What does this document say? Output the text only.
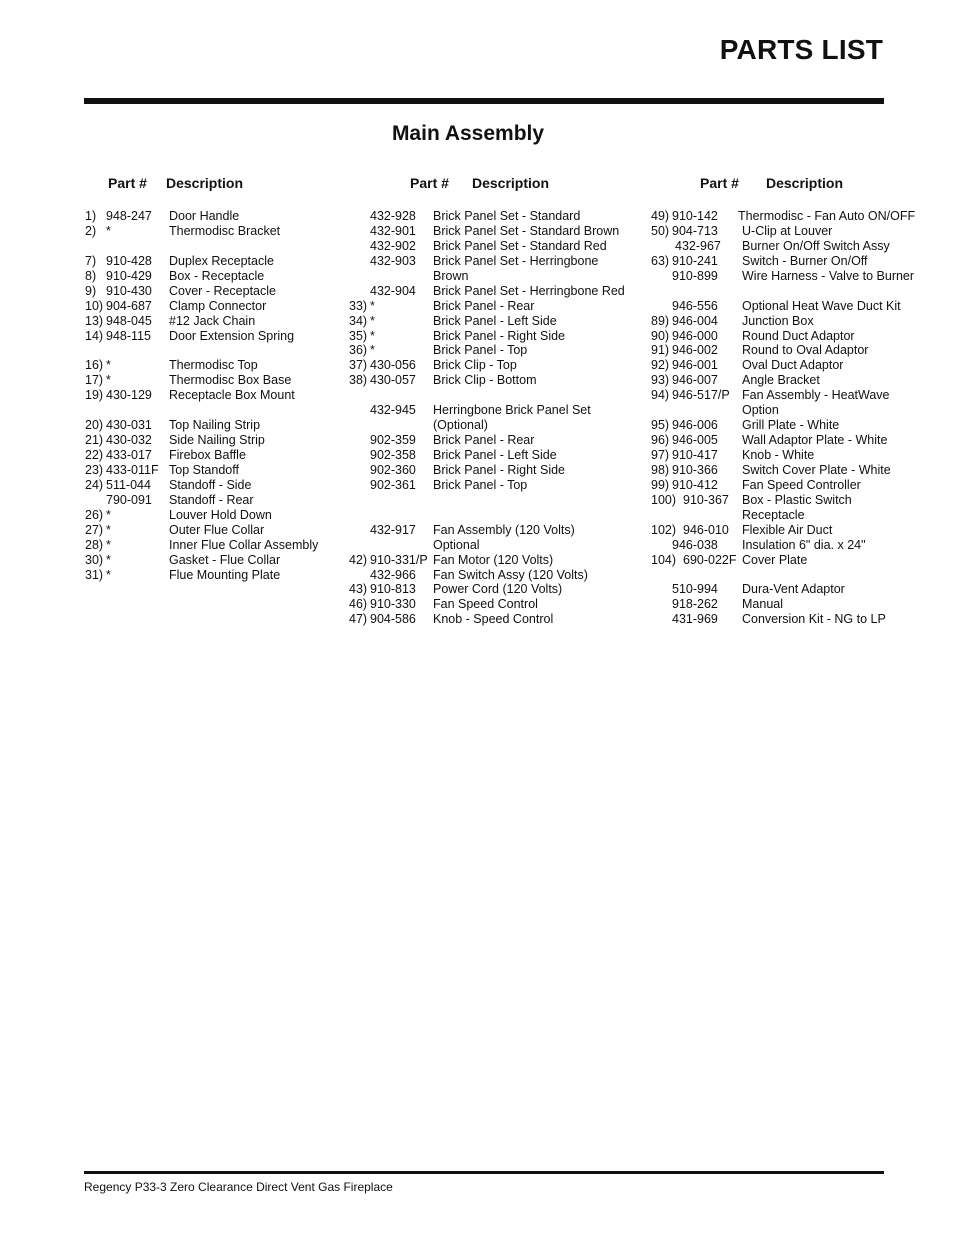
PARTS LIST
Main Assembly
Part # Description	Part # Description	Part # Description
1) 948-247 Door Handle
2) *	Thermodisc Bracket
7) 910-428 Duplex Receptacle
8) 910-429 Box - Receptacle
9) 910-430 Cover - Receptacle
10) 904-687 Clamp Connector
13) 948-045 #12 Jack Chain
14) 948-115 Door Extension Spring
16) *	Thermodisc Top
17) *	Thermodisc Box Base
19) 430-129 Receptacle Box Mount
20) 430-031 Top Nailing Strip
21) 430-032 Side Nailing Strip
22) 433-017 Firebox Baffle
23) 433-011F Top Standoff
24) 511-044 Standoff - Side
790-091 Standoff - Rear
26) *	Louver Hold Down
27) *	Outer Flue Collar
28) *	Inner Flue Collar Assembly
30) *	Gasket - Flue Collar
31) *	Flue Mounting Plate
432-928 Brick Panel Set - Standard
432-901 Brick Panel Set - Standard Brown
432-902 Brick Panel Set - Standard Red
432-903 Brick Panel Set - Herringbone
Brown
432-904 Brick Panel Set - Herringbone Red
33) *	Brick Panel - Rear
34) *	Brick Panel - Left Side
35) *	Brick Panel - Right Side
36) *	Brick Panel - Top
37) 430-056 Brick Clip - Top
38) 430-057 Brick Clip - Bottom
432-945 Herringbone Brick Panel Set
(Optional)
902-359 Brick Panel - Rear
902-358 Brick Panel - Left Side
902-360 Brick Panel - Right Side
902-361 Brick Panel - Top
432-917 Fan Assembly (120 Volts)
Optional
42) 910-331/P Fan Motor (120 Volts)
432-966 Fan Switch Assy (120 Volts)
43) 910-813 Power Cord (120 Volts)
46) 910-330 Fan Speed Control
47) 904-586 Knob - Speed Control
49) 910-142 Thermodisc - Fan Auto ON/OFF
50) 904-713 U-Clip at Louver
432-967 Burner On/Off Switch Assy
63) 910-241 Switch - Burner On/Off
910-899 Wire Harness - Valve to Burner
946-556 Optional Heat Wave Duct Kit
89) 946-004 Junction Box
90) 946-000 Round Duct Adaptor
91) 946-002 Round to Oval Adaptor
92) 946-001 Oval Duct Adaptor
93) 946-007 Angle Bracket
94) 946-517/P Fan Assembly - HeatWave
Option
95) 946-006 Grill Plate - White
96) 946-005 Wall Adaptor Plate - White
97) 910-417 Knob - White
98) 910-366 Switch Cover Plate - White
99) 910-412 Fan Speed Controller
100) 910-367 Box - Plastic Switch
Receptacle
102) 946-010 Flexible Air Duct
946-038 Insulation 6" dia. x 24"
104) 690-022F Cover Plate
510-994 Dura-Vent Adaptor
918-262 Manual
431-969 Conversion Kit - NG to LP
Regency P33-3 Zero Clearance Direct Vent Gas Fireplace
